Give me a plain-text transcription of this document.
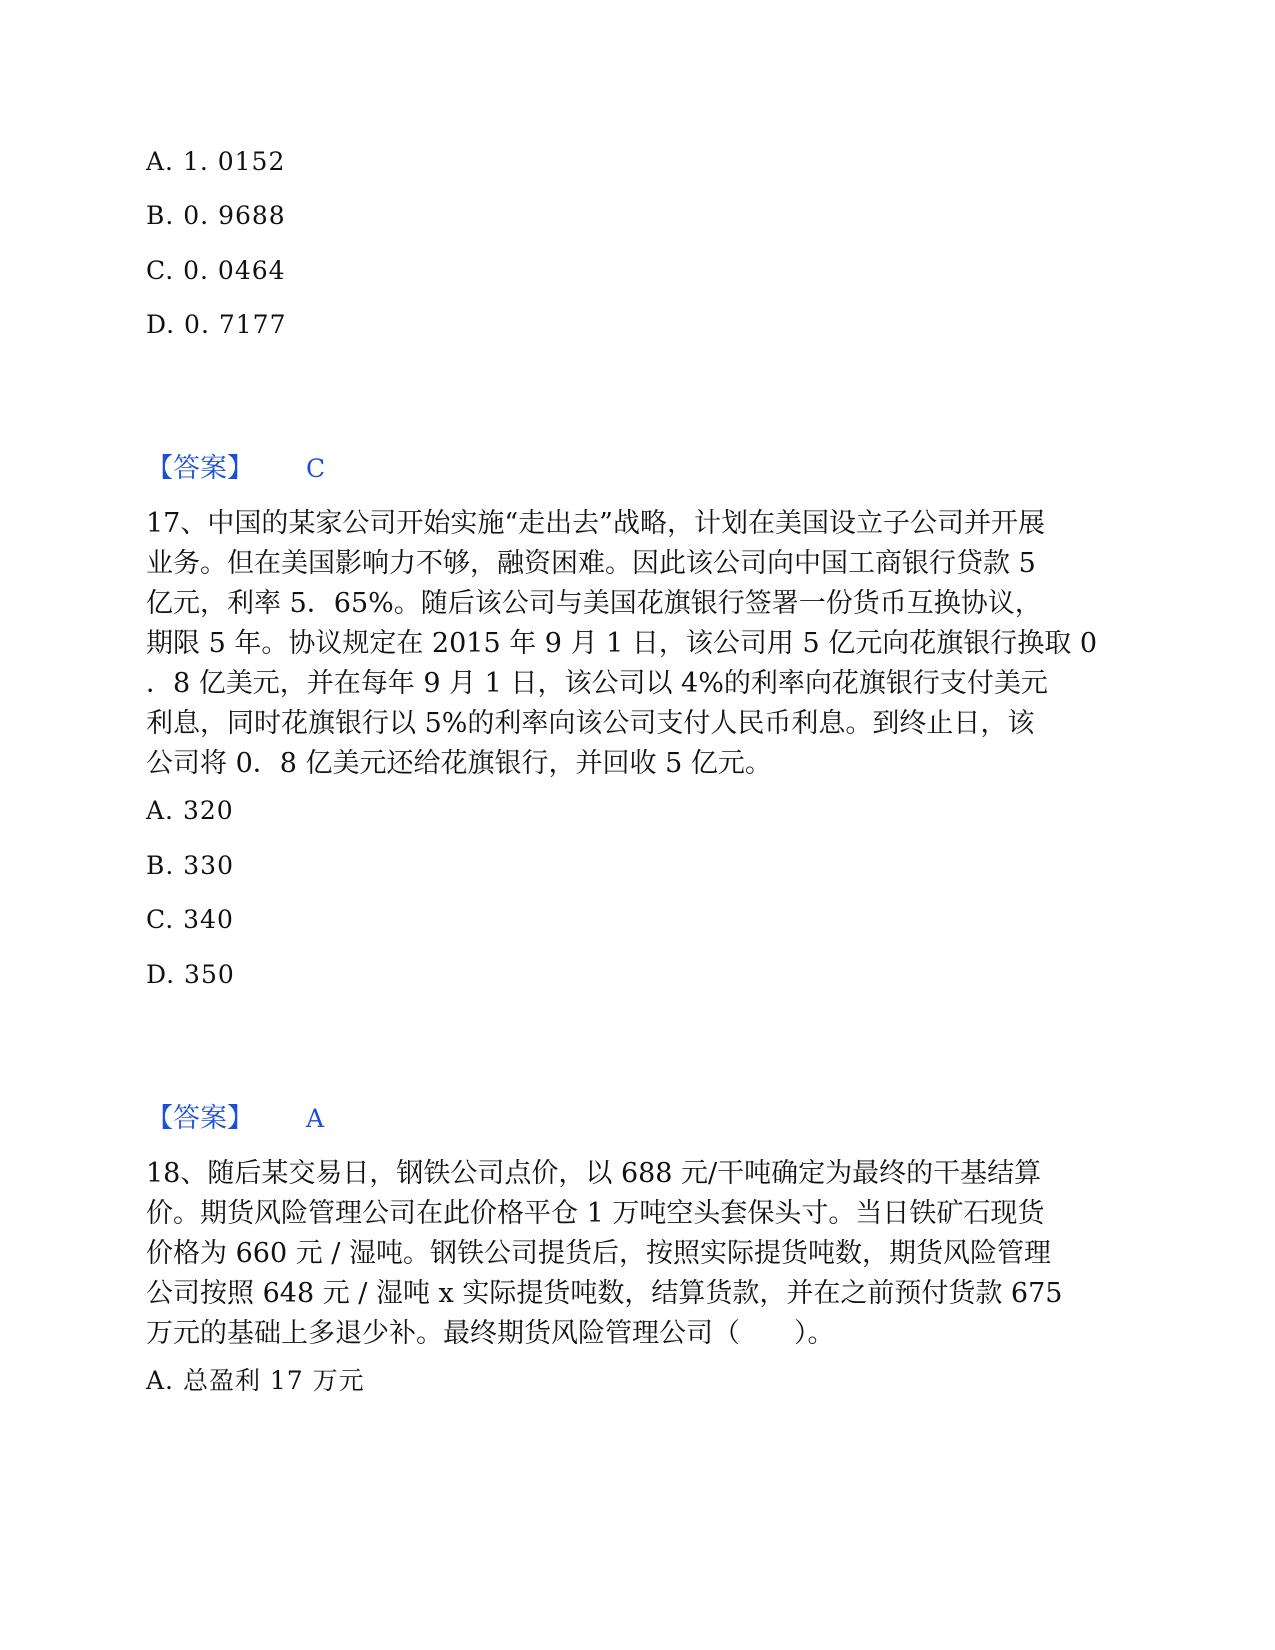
A. 1. 0152
B. 0. 9688
C. 0. 0464
D. 0. 7177
【答案】 C
17、中国的某家公司开始实施“走出去”战略，计划在美国设立子公司并开展
业务。但在美国影响力不够，融资困难。因此该公司向中国工商银行贷款 5
亿元，利率 5．65%。随后该公司与美国花旗银行签署一份货币互换协议，
期限 5 年。协议规定在 2015 年 9 月 1 日，该公司用 5 亿元向花旗银行换取 0
．8 亿美元，并在每年 9 月 1 日，该公司以 4%的利率向花旗银行支付美元
利息，同时花旗银行以 5%的利率向该公司支付人民币利息。到终止日，该
公司将 0．8 亿美元还给花旗银行，并回收 5 亿元。
A. 320
B. 330
C. 340
D. 350
【答案】 A
18、随后某交易日，钢铁公司点价，以 688 元/干吨确定为最终的干基结算
价。期货风险管理公司在此价格平仓 1 万吨空头套保头寸。当日铁矿石现货
价格为 660 元 / 湿吨。钢铁公司提货后，按照实际提货吨数，期货风险管理
公司按照 648 元 / 湿吨 x 实际提货吨数，结算货款，并在之前预付货款 675
万元的基础上多退少补。最终期货风险管理公司（　　）。
A. 总盈利 17 万元
